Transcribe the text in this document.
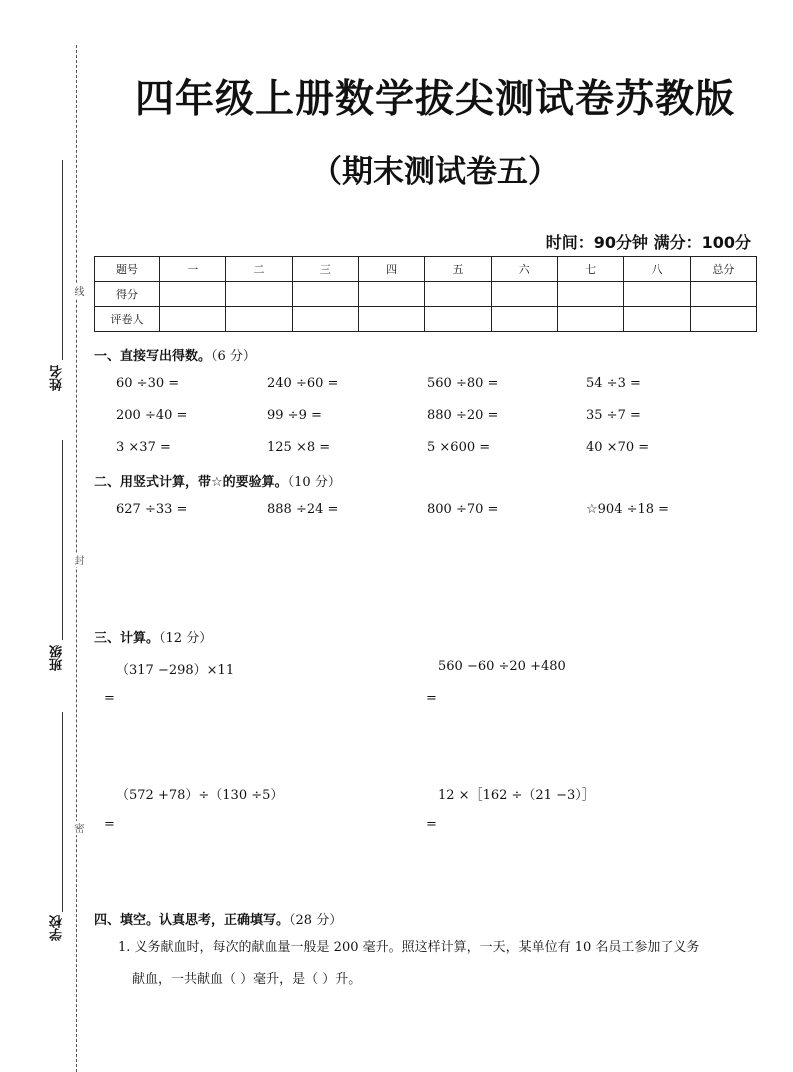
姓名
班级
学校
线
封
密
四年级上册数学拔尖测试卷苏教版
（期末测试卷五）
时间：90分钟 满分：100分
题号	一	二	三	四	五	六	七	八	总分
得分									
评卷人									
一、直接写出得数。（6 分）
60 ÷30 =	240 ÷60 =	560 ÷80 =	54 ÷3 =
200 ÷40 =	99 ÷9 =	880 ÷20 =	35 ÷7 =
3 ×37 =	125 ×8 =	5 ×600 =	40 ×70 =
二、用竖式计算，带☆的要验算。（10 分）
627 ÷33 =	888 ÷24 =	800 ÷70 =	☆904 ÷18 =
三、计算。（12 分）
（317 −298）×11
=
560 −60 ÷20 +480
=
（572 +78）÷（130 ÷5）
=
12 ×［162 ÷（21 −3）］
=
四、填空。认真思考，正确填写。（28 分）
1. 义务献血时，每次的献血量一般是 200 毫升。照这样计算，一天，某单位有 10 名员工参加了义务
献血，一共献血（ ）毫升，是（ ）升。
